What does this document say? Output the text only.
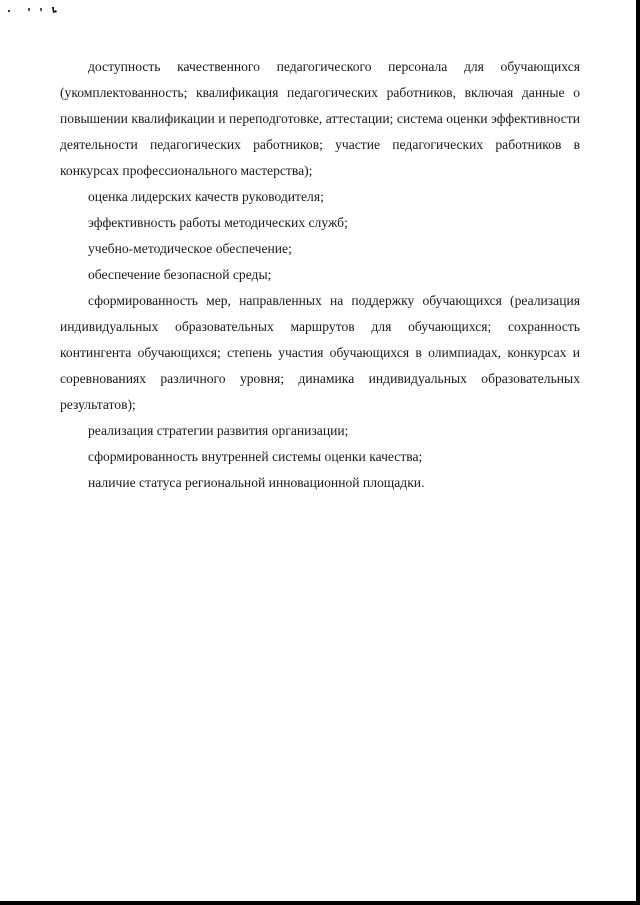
доступность качественного педагогического персонала для обучающихся (укомплектованность; квалификация педагогических работников, включая данные о повышении квалификации и переподготовке, аттестации; система оценки эффективности деятельности педагогических работников; участие педагогических работников в конкурсах профессионального мастерства);

оценка лидерских качеств руководителя;

эффективность работы методических служб;

учебно-методическое обеспечение;

обеспечение безопасной среды;

сформированность мер, направленных на поддержку обучающихся (реализация индивидуальных образовательных маршрутов для обучающихся; сохранность контингента обучающихся; степень участия обучающихся в олимпиадах, конкурсах и соревнованиях различного уровня; динамика индивидуальных образовательных результатов);

реализация стратегии развития организации;

сформированность внутренней системы оценки качества;

наличие статуса региональной инновационной площадки.
